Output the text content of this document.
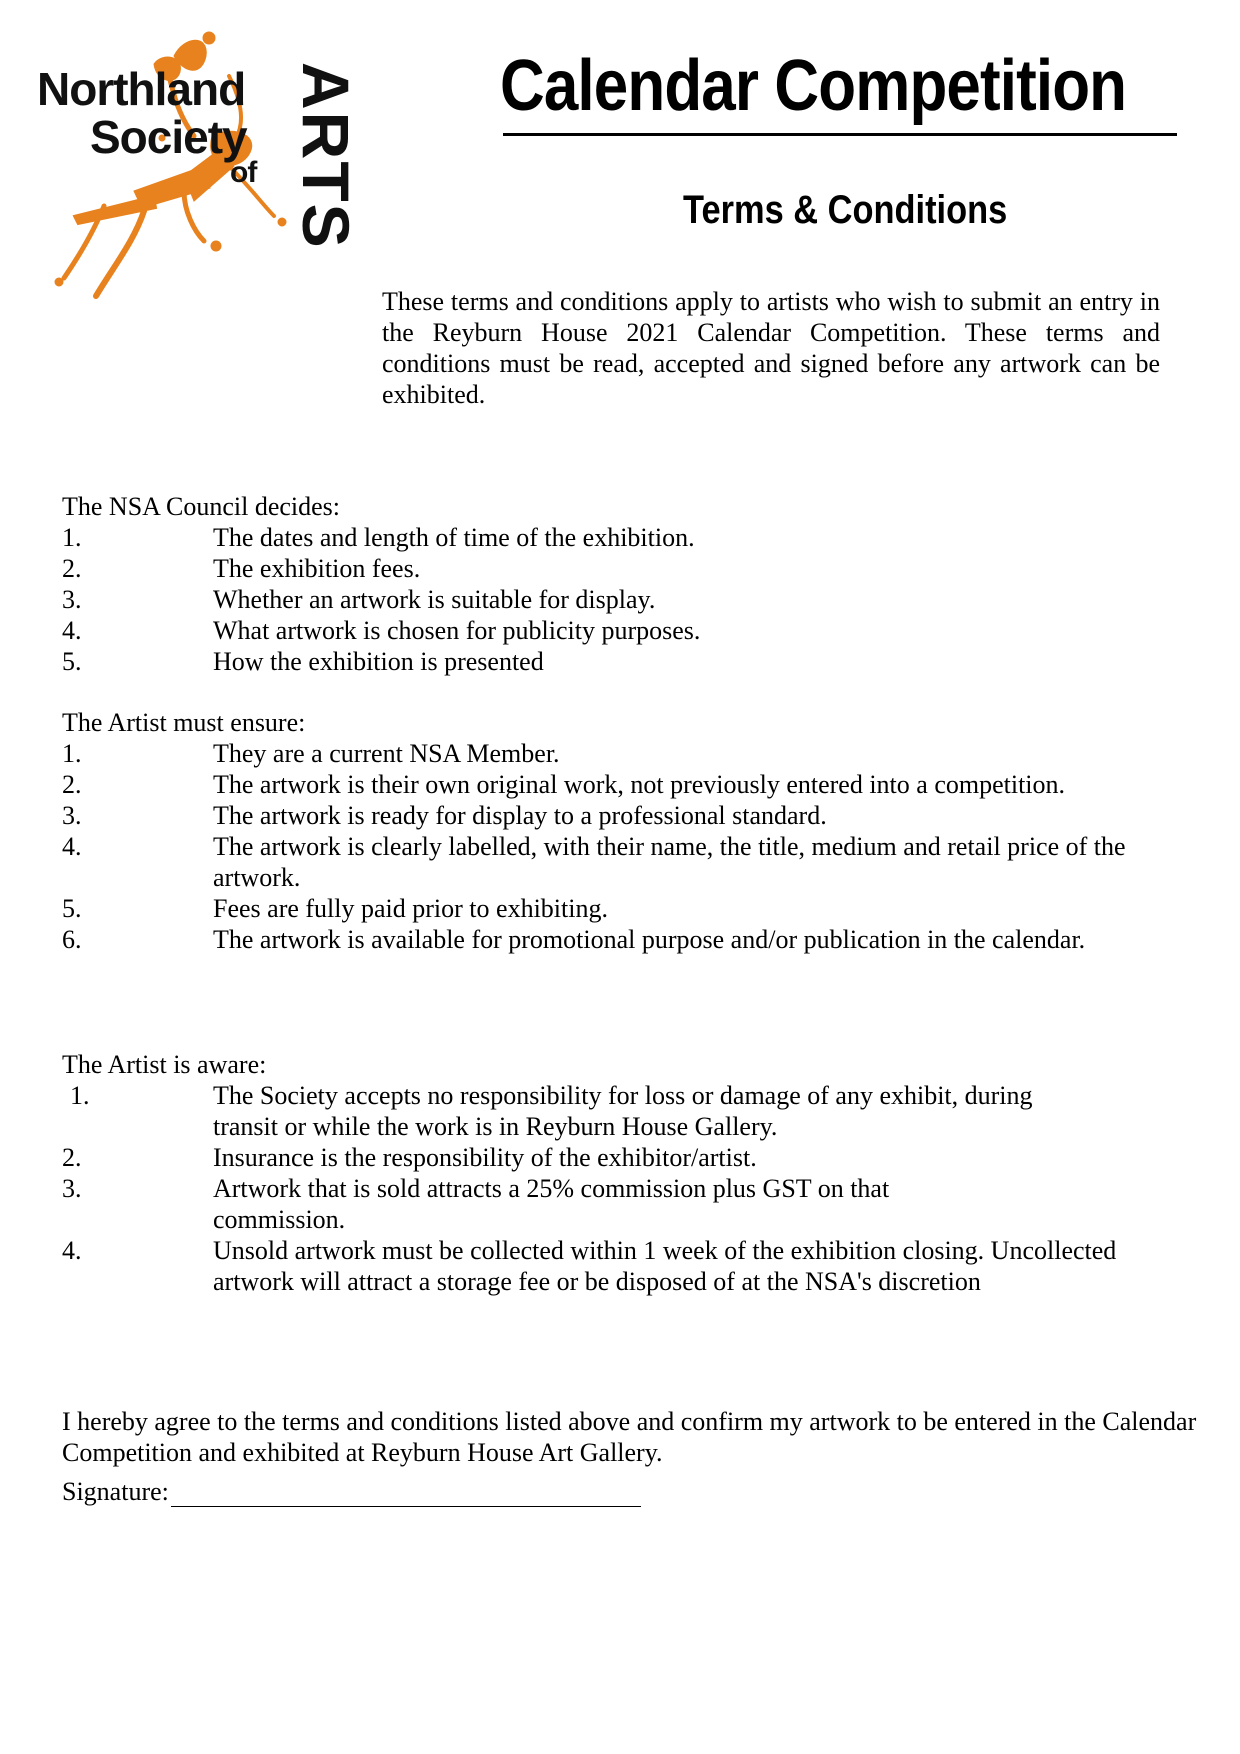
Northland
Society
of ARTS Calendar Competition
Terms & Conditions
These terms and conditions apply to artists who wish to submit an entry in the Reyburn House 2021 Calendar Competition. These terms and conditions must be read, accepted and signed before any artwork can be exhibited.
The NSA Council decides:
1.	The dates and length of time of the exhibition.
2.	The exhibition fees.
3.	Whether an artwork is suitable for display.
4.	What artwork is chosen for publicity purposes.
5.	How the exhibition is presented
The Artist must ensure:
1.	They are a current NSA Member.
2.	The artwork is their own original work, not previously entered into a competition.
3.	The artwork is ready for display to a professional standard.
4.	The artwork is clearly labelled, with their name, the title, medium and retail price of the artwork.
5.	Fees are fully paid prior to exhibiting.
6.	The artwork is available for promotional purpose and/or publication in the calendar.
The Artist is aware:
1.	The Society accepts no responsibility for loss or damage of any exhibit, during transit or while the work is in Reyburn House Gallery.
2.	Insurance is the responsibility of the exhibitor/artist.
3.	Artwork that is sold attracts a 25% commission plus GST on that commission.
4.	Unsold artwork must be collected within 1 week of the exhibition closing. Uncollected artwork will attract a storage fee or be disposed of at the NSA's discretion
I hereby agree to the terms and conditions listed above and confirm my artwork to be entered in the Calendar Competition and exhibited at Reyburn House Art Gallery.
Signature:
